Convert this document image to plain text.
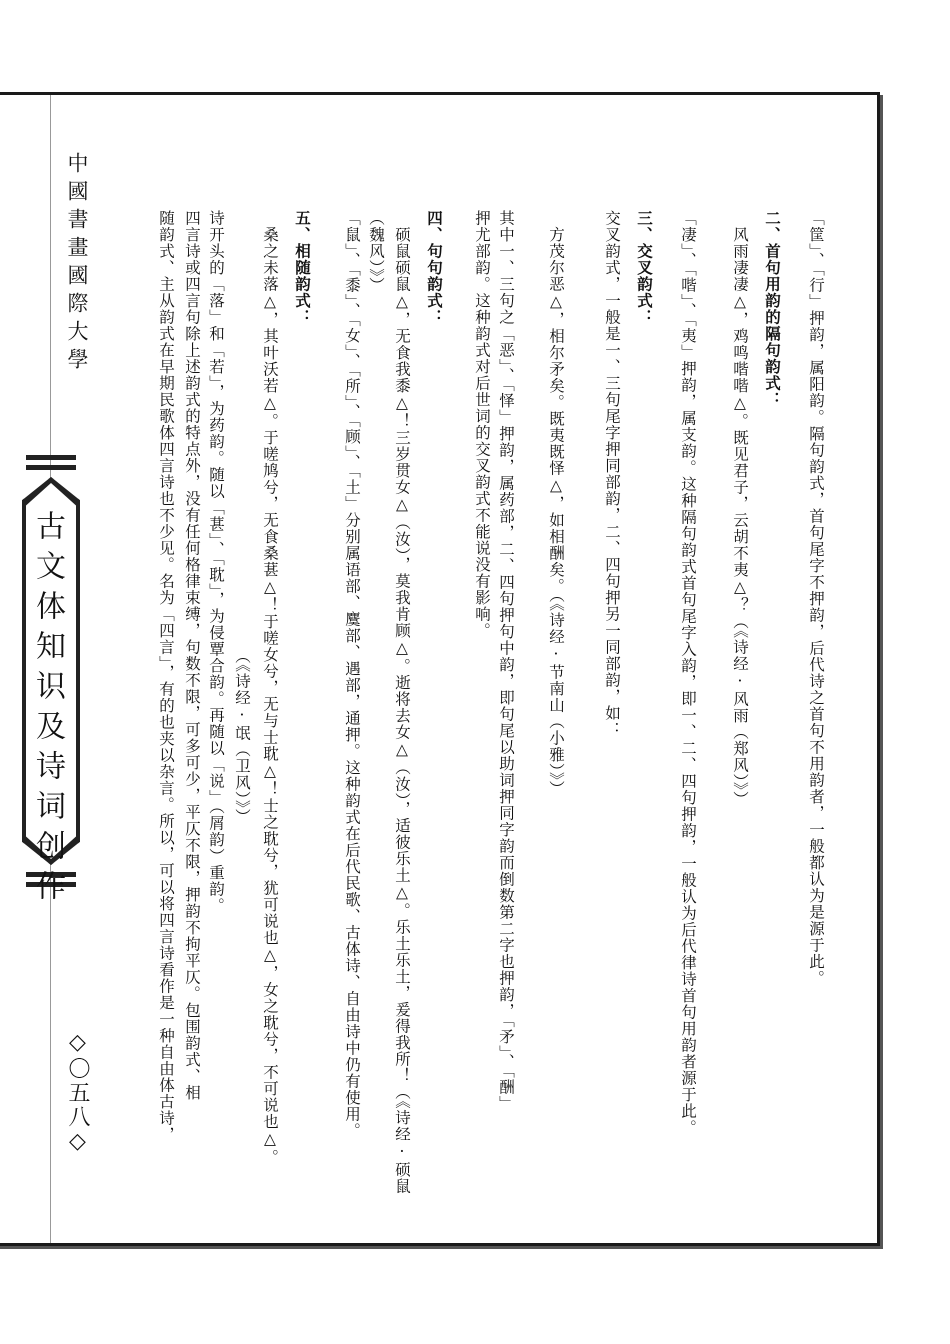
中國書畫國際大學
古文体知识及诗词创作
◇〇五八◇
「筐」、「行」押韵，属阳韵。隔句韵式，首句尾字不押韵，后代诗之首句不用韵者，一般都认为是源于此。
二、首句用韵的隔句韵式：
　风雨凄凄△，鸡鸣喈喈△。既见君子，云胡不夷△？（《诗经·风雨（郑风）》）
「凄」、「喈」、「夷」押韵，属支韵。这种隔句韵式首句尾字入韵，即一、二、四句押韵，一般认为后代律诗首句用韵者源于此。
三、交叉韵式：
交叉韵式，一般是一、三句尾字押同部韵，二、四句押另一同部韵，如：
　方茂尔恶△，相尔矛矣。既夷既怿△，如相酬矣。（《诗经·节南山（小雅）》）
其中一、三句之「恶」、「怿」押韵，属药部，二、四句押句中韵，即句尾以助词押同字韵而倒数第二字也押韵，「矛」、「酬」
押尤部韵。这种韵式对后世词的交叉韵式不能说没有影响。
四、句句韵式：
　硕鼠硕鼠△，无食我黍△！三岁贯女△（汝），莫我肯顾△。逝将去女△（汝），适彼乐土△。乐土乐土，爰得我所！（《诗经·硕鼠
（魏风）》）
「鼠」、「黍」、「女」、「所」、「顾」、「土」分别属语部、麌部、遇部，通押。这种韵式在后代民歌、古体诗、自由诗中仍有使用。
五、相随韵式：
　桑之未落△，其叶沃若△。于嗟鸠兮，无食桑葚△！于嗟女兮，无与士耽△！士之耽兮，犹可说也△，女之耽兮，不可说也△。
　　　　　　　　　　　　　　　　　　　　　　　　　　　（《诗经·氓（卫风）》）
诗开头的「落」和「若」，为药韵。随以「葚」、「耽」，为侵覃合韵。再随以「说」（屑韵）重韵。
四言诗或四言句除上述韵式的特点外，没有任何格律束缚，句数不限，可多可少，平仄不限，押韵不拘平仄。包围韵式、相
随韵式、主从韵式在早期民歌体四言诗也不少见。名为「四言」，有的也夹以杂言。所以，可以将四言诗看作是一种自由体古诗，
